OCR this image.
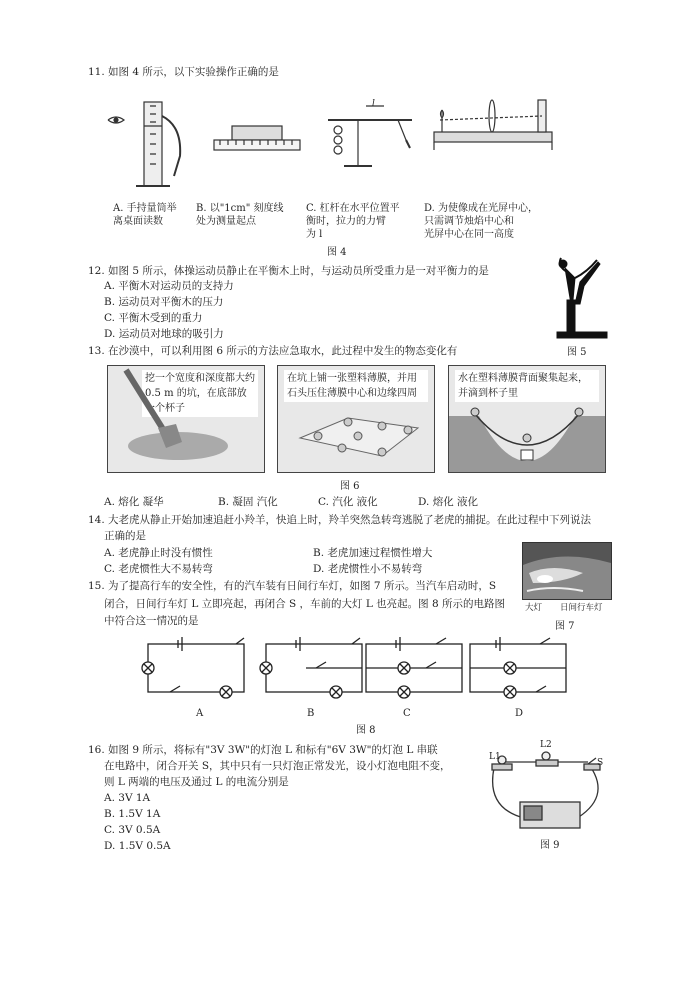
11. 如图 4 所示，以下实验操作正确的是
l
A. 手持量筒举
离桌面读数
B. 以"1cm" 刻度线
处为测量起点
C. 杠杆在水平位置平
衡时，拉力的力臂
为 l
D. 为使像成在光屏中心，
只需调节烛焰中心和
光屏中心在同一高度
图 4
12. 如图 5 所示，体操运动员静止在平衡木上时，与运动员所受重力是一对平衡力的是
A. 平衡木对运动员的支持力
B. 运动员对平衡木的压力
C. 平衡木受到的重力
D. 运动员对地球的吸引力
图 5
13. 在沙漠中，可以利用图 6 所示的方法应急取水，此过程中发生的物态变化有
挖一个宽度和深度都大约 0.5 m 的坑，在底部放一个杯子
在坑上铺一张塑料薄膜，并用石头压住薄膜中心和边缘四周
水在塑料薄膜背面聚集起来，并滴到杯子里
图 6
A. 熔化 凝华	B. 凝固 汽化	C. 汽化 液化	D. 熔化 液化
14. 大老虎从静止开始加速追赶小羚羊，快追上时，羚羊突然急转弯逃脱了老虎的捕捉。在此过程中下列说法
正确的是
A. 老虎静止时没有惯性	B. 老虎加速过程惯性增大
C. 老虎惯性大不易转弯	D. 老虎惯性小不易转弯
15. 为了提高行车的安全性，有的汽车装有日间行车灯，如图 7 所示。当汽车启动时，S
闭合，日间行车灯 L 立即亮起，再闭合 S ，车前的大灯 L 也亮起。图 8 所示的电路图
中符合这一情况的是
大灯 日间行车灯
图 7
A	B	C	D
图 8
16. 如图 9 所示，将标有"3V 3W"的灯泡 L 和标有"6V 3W"的灯泡 L 串联
在电路中，闭合开关 S，其中只有一只灯泡正常发光，设小灯泡电阻不变，
则 L 两端的电压及通过 L 的电流分别是
A. 3V 1A
B. 1.5V 1A
C. 3V 0.5A
D. 1.5V 0.5A
L1
L2
S
图 9
